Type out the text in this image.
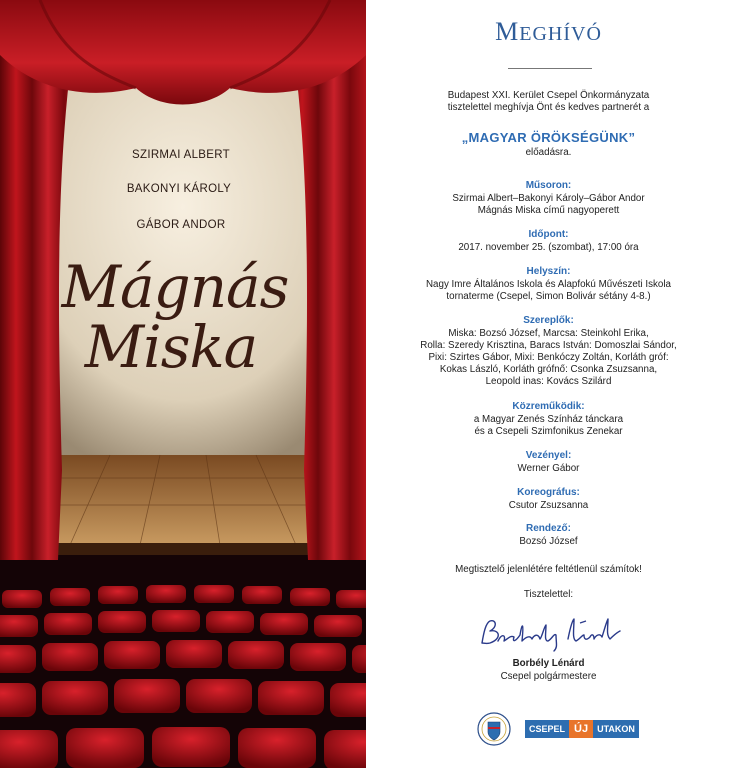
SZIRMAI ALBERT
BAKONYI KÁROLY
GÁBOR ANDOR
Mágnás
Miska
MEGHÍVÓ
Budapest XXI. Kerület Csepel Önkormányzata
tisztelettel meghívja Önt és kedves partnerét a
„MAGYAR ÖRÖKSÉGÜNK”
előadásra.
Műsoron:
Szirmai Albert–Bakonyi Károly–Gábor Andor
Mágnás Miska című nagyoperett
Időpont:
2017. november 25. (szombat), 17:00 óra
Helyszín:
Nagy Imre Általános Iskola és Alapfokú Művészeti Iskola
tornaterme (Csepel, Simon Bolivár sétány 4-8.)
Szereplők:
Miska: Bozsó József, Marcsa: Steinkohl Erika,
Rolla: Szeredy Krisztina, Baracs István: Domoszlai Sándor,
Pixi: Szirtes Gábor, Mixi: Benkóczy Zoltán, Korláth gróf:
Kokas László, Korláth grófnő: Csonka Zsuzsanna,
Leopold inas: Kovács Szilárd
Közreműködik:
a Magyar Zenés Színház tánckara
és a Csepeli Szimfonikus Zenekar
Vezényel:
Werner Gábor
Koreográfus:
Csutor Zsuzsanna
Rendező:
Bozsó József
Megtisztelő jelenlétére feltétlenül számítok!
Tisztelettel:
Borbély Lénárd
Csepel polgármestere
CSEPEL ÚJ	UTAKON
